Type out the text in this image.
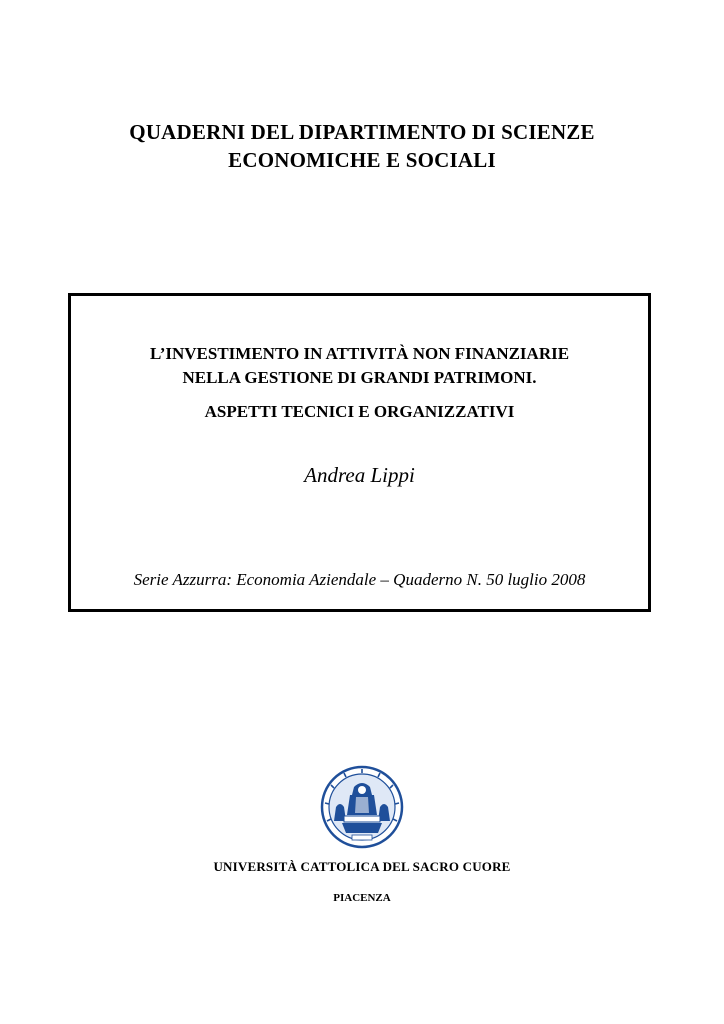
QUADERNI DEL DIPARTIMENTO DI SCIENZE
ECONOMICHE E SOCIALI
L’INVESTIMENTO IN ATTIVITÀ NON FINANZIARIE
NELLA GESTIONE DI GRANDI PATRIMONI.
ASPETTI TECNICI E ORGANIZZATIVI
Andrea Lippi
Serie Azzurra: Economia Aziendale – Quaderno N. 50 luglio 2008
UNIVERSITÀ CATTOLICA DEL SACRO CUORE
PIACENZA
